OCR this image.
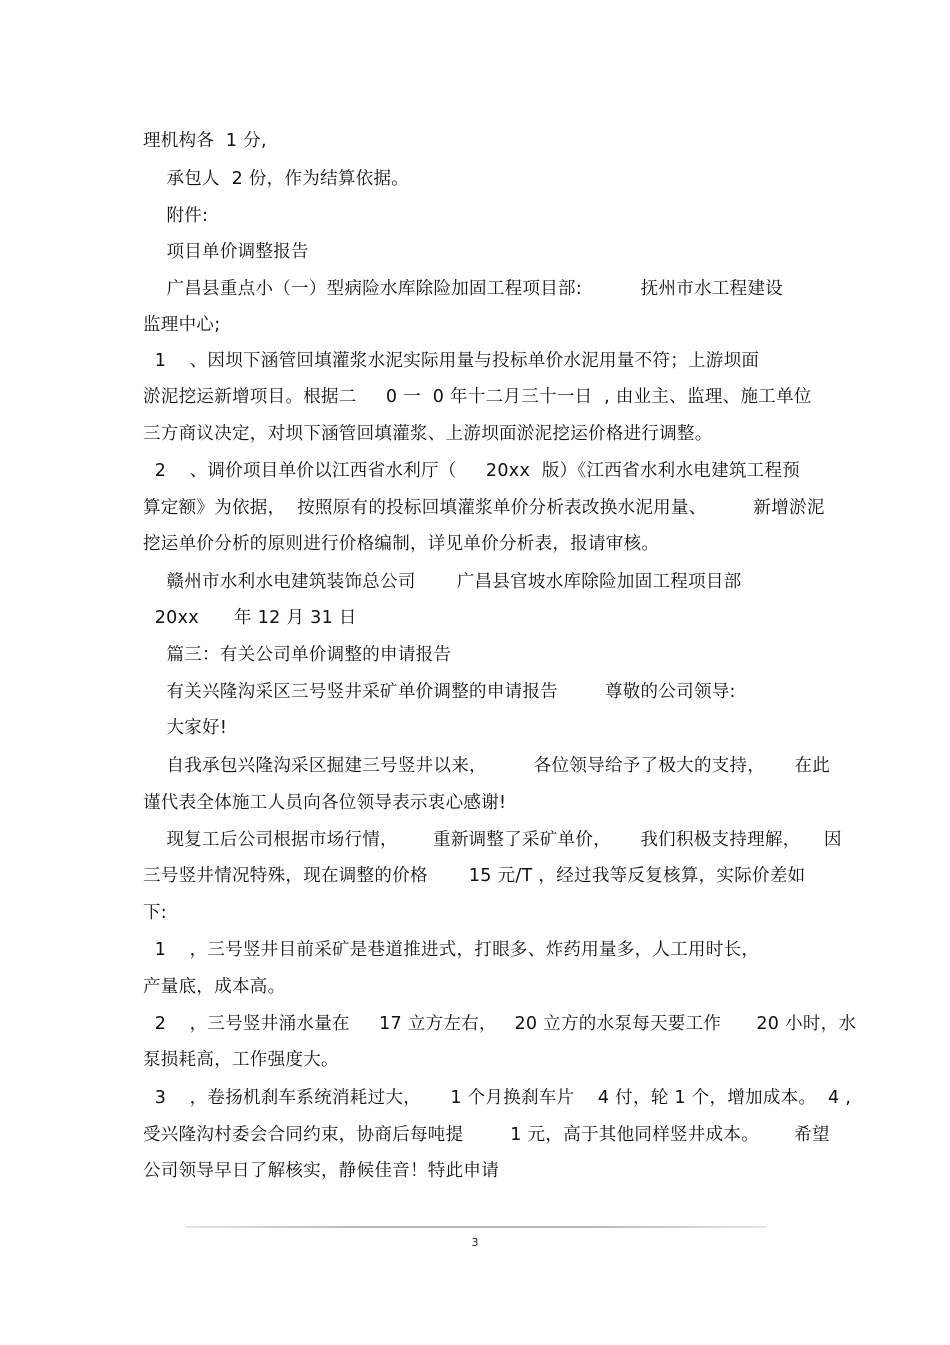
理机构各  1 分,
承包人  2 份，作为结算依据。
附件:
项目单价调整报告
广昌县重点小（一）型病险水库除险加固工程项目部:          抚州市水工程建设
监理中心;
1    、因坝下涵管回填灌浆水泥实际用量与投标单价水泥用量不符；上游坝面
淤泥挖运新增项目。根据二     0 一  0 年十二月三十一日  , 由业主、监理、施工单位
三方商议决定，对坝下涵管回填灌浆、上游坝面淤泥挖运价格进行调整。
2    、调价项目单价以江西省水利厅（     20xx  版）《江西省水利水电建筑工程预
算定额》为依据，  按照原有的投标回填灌浆单价分析表改换水泥用量、        新增淤泥
挖运单价分析的原则进行价格编制，详见单价分析表，报请审核。
赣州市水利水电建筑装饰总公司       广昌县官坡水库除险加固工程项目部
20xx      年 12 月 31 日
篇三：有关公司单价调整的申请报告
有关兴隆沟采区三号竖井采矿单价调整的申请报告        尊敬的公司领导:
大家好!
自我承包兴隆沟采区掘建三号竖井以来，        各位领导给予了极大的支持，     在此
谨代表全体施工人员向各位领导表示衷心感谢!
现复工后公司根据市场行情，      重新调整了采矿单价，     我们积极支持理解，    因
三号竖井情况特殊，现在调整的价格       15 元/T ，经过我等反复核算，实际价差如
下:
1    ，三号竖井目前采矿是巷道推进式，打眼多、炸药用量多，人工用时长，
产量底，成本高。
2    ，三号竖井涌水量在     17 立方左右，   20 立方的水泵每天要工作      20 小时，水
泵损耗高，工作强度大。
3    ，卷扬机刹车系统消耗过大，     1 个月换刹车片    4 付，轮 1 个，增加成本。  4 ,
受兴隆沟村委会合同约束，协商后每吨提        1 元，高于其他同样竖井成本。      希望
公司领导早日了解核实，静候佳音！特此申请
3
